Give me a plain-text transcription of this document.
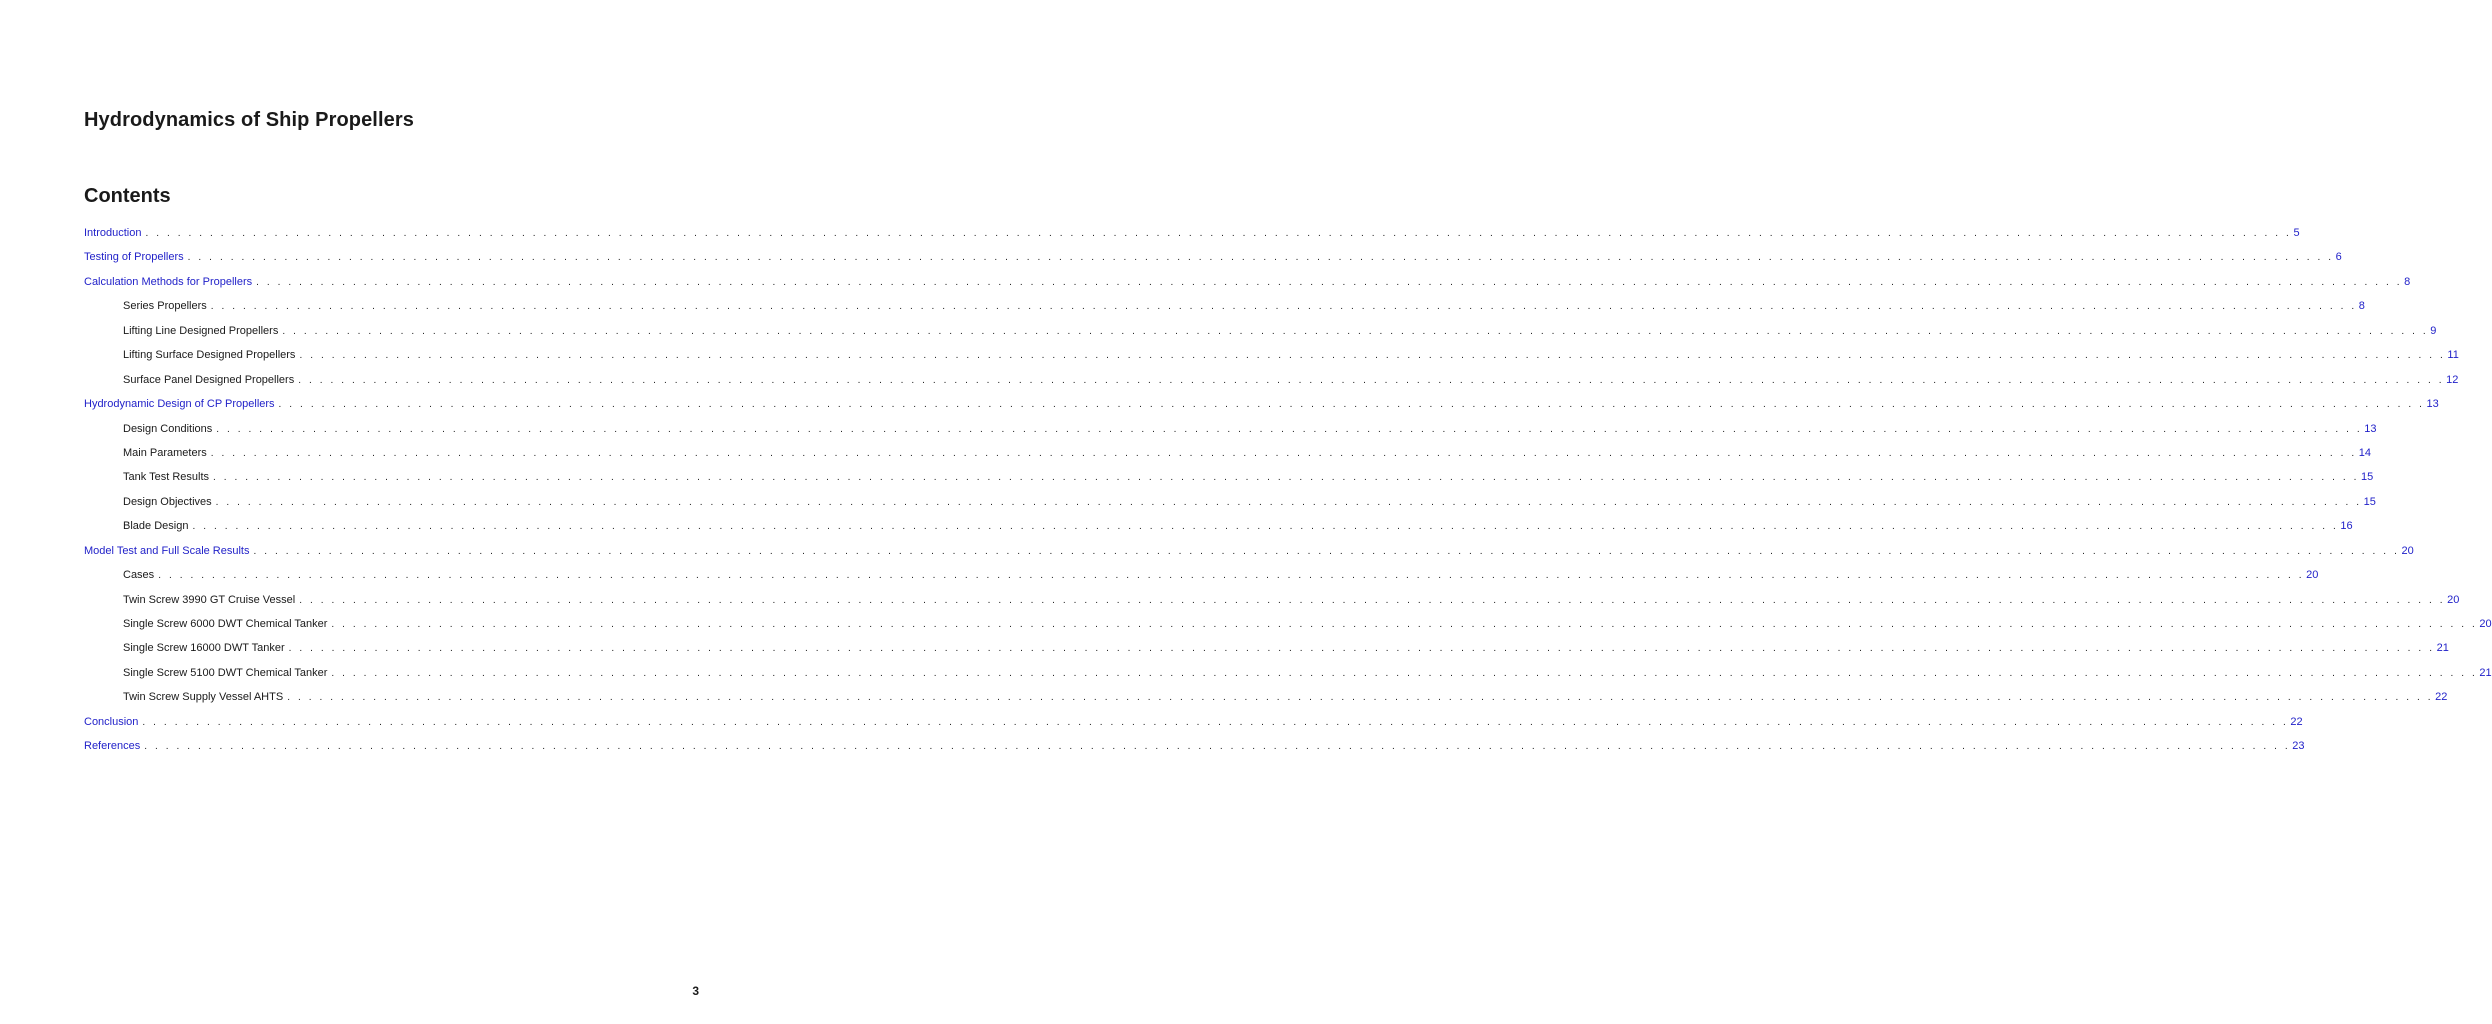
Hydrodynamics of Ship Propellers
Contents
Introduction . . . . . . . . . . . . . . . . . . . . . . . . . . . . . . . . . . . . . . . . . . . . . . . . . . . . . . . . . . . . . . . . . . . . . . . . . . . . . . . . . . . . . . . . . . . . . . . . . . . . . . . . . . . . . . . . . . . . . . . . . . . . . . . . . . . . . . . . . . . . . . . . . . . . . . . . . . . . . . . . . . . . . . . . . . . . . . . . . . . . . . . . . . . . . . . . . . . . . . . . 5
Testing of Propellers . . . . . . . . . . . . . . . . . . . . . . . . . . . . . . . . . . . . . . . . . . . . . . . . . . . . . . . . . . . . . . . . . . . . . . . . . . . . . . . . . . . . . . . . . . . . . . . . . . . . . . . . . . . . . . . . . . . . . . . . . . . . . . . . . . . . . . . . . . . . . . . . . . . . . . . . . . . . . . . . . . . . . . . . . . . . . . . . . . . . . . . . . . . . . . . . . . . . . . . . 6
Calculation Methods for Propellers . . . . . . . . . . . . . . . . . . . . . . . . . . . . . . . . . . . . . . . . . . . . . . . . . . . . . . . . . . . . . . . . . . . . . . . . . . . . . . . . . . . . . . . . . . . . . . . . . . . . . . . . . . . . . . . . . . . . . . . . . . . . . . . . . . . . . . . . . . . . . . . . . . . . . . . . . . . . . . . . . . . . . . . . . . . . . . . . . . . . . . . . . . . . . . . . . . . . . . . . 8
Series Propellers . . . . . . . . . . . . . . . . . . . . . . . . . . . . . . . . . . . . . . . . . . . . . . . . . . . . . . . . . . . . . . . . . . . . . . . . . . . . . . . . . . . . . . . . . . . . . . . . . . . . . . . . . . . . . . . . . . . . . . . . . . . . . . . . . . . . . . . . . . . . . . . . . . . . . . . . . . . . . . . . . . . . . . . . . . . . . . . . . . . . . . . . . . . . . . . . . . . . . . . . 8
Lifting Line Designed Propellers . . . . . . . . . . . . . . . . . . . . . . . . . . . . . . . . . . . . . . . . . . . . . . . . . . . . . . . . . . . . . . . . . . . . . . . . . . . . . . . . . . . . . . . . . . . . . . . . . . . . . . . . . . . . . . . . . . . . . . . . . . . . . . . . . . . . . . . . . . . . . . . . . . . . . . . . . . . . . . . . . . . . . . . . . . . . . . . . . . . . . . . . . . . . . . . . . . . . . . . . 9
Lifting Surface Designed Propellers . . . . . . . . . . . . . . . . . . . . . . . . . . . . . . . . . . . . . . . . . . . . . . . . . . . . . . . . . . . . . . . . . . . . . . . . . . . . . . . . . . . . . . . . . . . . . . . . . . . . . . . . . . . . . . . . . . . . . . . . . . . . . . . . . . . . . . . . . . . . . . . . . . . . . . . . . . . . . . . . . . . . . . . . . . . . . . . . . . . . . . . . . . . . . . . . . . . . . . . . 11
Surface Panel Designed Propellers . . . . . . . . . . . . . . . . . . . . . . . . . . . . . . . . . . . . . . . . . . . . . . . . . . . . . . . . . . . . . . . . . . . . . . . . . . . . . . . . . . . . . . . . . . . . . . . . . . . . . . . . . . . . . . . . . . . . . . . . . . . . . . . . . . . . . . . . . . . . . . . . . . . . . . . . . . . . . . . . . . . . . . . . . . . . . . . . . . . . . . . . . . . . . . . . . . . . . . . . 12
Hydrodynamic Design of CP Propellers . . . . . . . . . . . . . . . . . . . . . . . . . . . . . . . . . . . . . . . . . . . . . . . . . . . . . . . . . . . . . . . . . . . . . . . . . . . . . . . . . . . . . . . . . . . . . . . . . . . . . . . . . . . . . . . . . . . . . . . . . . . . . . . . . . . . . . . . . . . . . . . . . . . . . . . . . . . . . . . . . . . . . . . . . . . . . . . . . . . . . . . . . . . . . . . . . . . . . . . . 13
Design Conditions . . . . . . . . . . . . . . . . . . . . . . . . . . . . . . . . . . . . . . . . . . . . . . . . . . . . . . . . . . . . . . . . . . . . . . . . . . . . . . . . . . . . . . . . . . . . . . . . . . . . . . . . . . . . . . . . . . . . . . . . . . . . . . . . . . . . . . . . . . . . . . . . . . . . . . . . . . . . . . . . . . . . . . . . . . . . . . . . . . . . . . . . . . . . . . . . . . . . . . . . 13
Main Parameters . . . . . . . . . . . . . . . . . . . . . . . . . . . . . . . . . . . . . . . . . . . . . . . . . . . . . . . . . . . . . . . . . . . . . . . . . . . . . . . . . . . . . . . . . . . . . . . . . . . . . . . . . . . . . . . . . . . . . . . . . . . . . . . . . . . . . . . . . . . . . . . . . . . . . . . . . . . . . . . . . . . . . . . . . . . . . . . . . . . . . . . . . . . . . . . . . . . . . . . . 14
Tank Test Results . . . . . . . . . . . . . . . . . . . . . . . . . . . . . . . . . . . . . . . . . . . . . . . . . . . . . . . . . . . . . . . . . . . . . . . . . . . . . . . . . . . . . . . . . . . . . . . . . . . . . . . . . . . . . . . . . . . . . . . . . . . . . . . . . . . . . . . . . . . . . . . . . . . . . . . . . . . . . . . . . . . . . . . . . . . . . . . . . . . . . . . . . . . . . . . . . . . . . . . . 15
Design Objectives . . . . . . . . . . . . . . . . . . . . . . . . . . . . . . . . . . . . . . . . . . . . . . . . . . . . . . . . . . . . . . . . . . . . . . . . . . . . . . . . . . . . . . . . . . . . . . . . . . . . . . . . . . . . . . . . . . . . . . . . . . . . . . . . . . . . . . . . . . . . . . . . . . . . . . . . . . . . . . . . . . . . . . . . . . . . . . . . . . . . . . . . . . . . . . . . . . . . . . . . 15
Blade Design . . . . . . . . . . . . . . . . . . . . . . . . . . . . . . . . . . . . . . . . . . . . . . . . . . . . . . . . . . . . . . . . . . . . . . . . . . . . . . . . . . . . . . . . . . . . . . . . . . . . . . . . . . . . . . . . . . . . . . . . . . . . . . . . . . . . . . . . . . . . . . . . . . . . . . . . . . . . . . . . . . . . . . . . . . . . . . . . . . . . . . . . . . . . . . . . . . . . . . . . 16
Model Test and Full Scale Results . . . . . . . . . . . . . . . . . . . . . . . . . . . . . . . . . . . . . . . . . . . . . . . . . . . . . . . . . . . . . . . . . . . . . . . . . . . . . . . . . . . . . . . . . . . . . . . . . . . . . . . . . . . . . . . . . . . . . . . . . . . . . . . . . . . . . . . . . . . . . . . . . . . . . . . . . . . . . . . . . . . . . . . . . . . . . . . . . . . . . . . . . . . . . . . . . . . . . . . . 20
Cases . . . . . . . . . . . . . . . . . . . . . . . . . . . . . . . . . . . . . . . . . . . . . . . . . . . . . . . . . . . . . . . . . . . . . . . . . . . . . . . . . . . . . . . . . . . . . . . . . . . . . . . . . . . . . . . . . . . . . . . . . . . . . . . . . . . . . . . . . . . . . . . . . . . . . . . . . . . . . . . . . . . . . . . . . . . . . . . . . . . . . . . . . . . . . . . . . . . . . . . . 20
Twin Screw 3990 GT Cruise Vessel . . . . . . . . . . . . . . . . . . . . . . . . . . . . . . . . . . . . . . . . . . . . . . . . . . . . . . . . . . . . . . . . . . . . . . . . . . . . . . . . . . . . . . . . . . . . . . . . . . . . . . . . . . . . . . . . . . . . . . . . . . . . . . . . . . . . . . . . . . . . . . . . . . . . . . . . . . . . . . . . . . . . . . . . . . . . . . . . . . . . . . . . . . . . . . . . . . . . . . . . 20
Single Screw 6000 DWT Chemical Tanker . . . . . . . . . . . . . . . . . . . . . . . . . . . . . . . . . . . . . . . . . . . . . . . . . . . . . . . . . . . . . . . . . . . . . . . . . . . . . . . . . . . . . . . . . . . . . . . . . . . . . . . . . . . . . . . . . . . . . . . . . . . . . . . . . . . . . . . . . . . . . . . . . . . . . . . . . . . . . . . . . . . . . . . . . . . . . . . . . . . . . . . . . . . . . . . . . . . . . . . . 20
Single Screw 16000 DWT Tanker . . . . . . . . . . . . . . . . . . . . . . . . . . . . . . . . . . . . . . . . . . . . . . . . . . . . . . . . . . . . . . . . . . . . . . . . . . . . . . . . . . . . . . . . . . . . . . . . . . . . . . . . . . . . . . . . . . . . . . . . . . . . . . . . . . . . . . . . . . . . . . . . . . . . . . . . . . . . . . . . . . . . . . . . . . . . . . . . . . . . . . . . . . . . . . . . . . . . . . . . 21
Single Screw 5100 DWT Chemical Tanker . . . . . . . . . . . . . . . . . . . . . . . . . . . . . . . . . . . . . . . . . . . . . . . . . . . . . . . . . . . . . . . . . . . . . . . . . . . . . . . . . . . . . . . . . . . . . . . . . . . . . . . . . . . . . . . . . . . . . . . . . . . . . . . . . . . . . . . . . . . . . . . . . . . . . . . . . . . . . . . . . . . . . . . . . . . . . . . . . . . . . . . . . . . . . . . . . . . . . . . . 21
Twin Screw Supply Vessel AHTS . . . . . . . . . . . . . . . . . . . . . . . . . . . . . . . . . . . . . . . . . . . . . . . . . . . . . . . . . . . . . . . . . . . . . . . . . . . . . . . . . . . . . . . . . . . . . . . . . . . . . . . . . . . . . . . . . . . . . . . . . . . . . . . . . . . . . . . . . . . . . . . . . . . . . . . . . . . . . . . . . . . . . . . . . . . . . . . . . . . . . . . . . . . . . . . . . . . . . . . . 22
Conclusion . . . . . . . . . . . . . . . . . . . . . . . . . . . . . . . . . . . . . . . . . . . . . . . . . . . . . . . . . . . . . . . . . . . . . . . . . . . . . . . . . . . . . . . . . . . . . . . . . . . . . . . . . . . . . . . . . . . . . . . . . . . . . . . . . . . . . . . . . . . . . . . . . . . . . . . . . . . . . . . . . . . . . . . . . . . . . . . . . . . . . . . . . . . . . . . . . . . . . . . . 22
References . . . . . . . . . . . . . . . . . . . . . . . . . . . . . . . . . . . . . . . . . . . . . . . . . . . . . . . . . . . . . . . . . . . . . . . . . . . . . . . . . . . . . . . . . . . . . . . . . . . . . . . . . . . . . . . . . . . . . . . . . . . . . . . . . . . . . . . . . . . . . . . . . . . . . . . . . . . . . . . . . . . . . . . . . . . . . . . . . . . . . . . . . . . . . . . . . . . . . . . . 23
3
